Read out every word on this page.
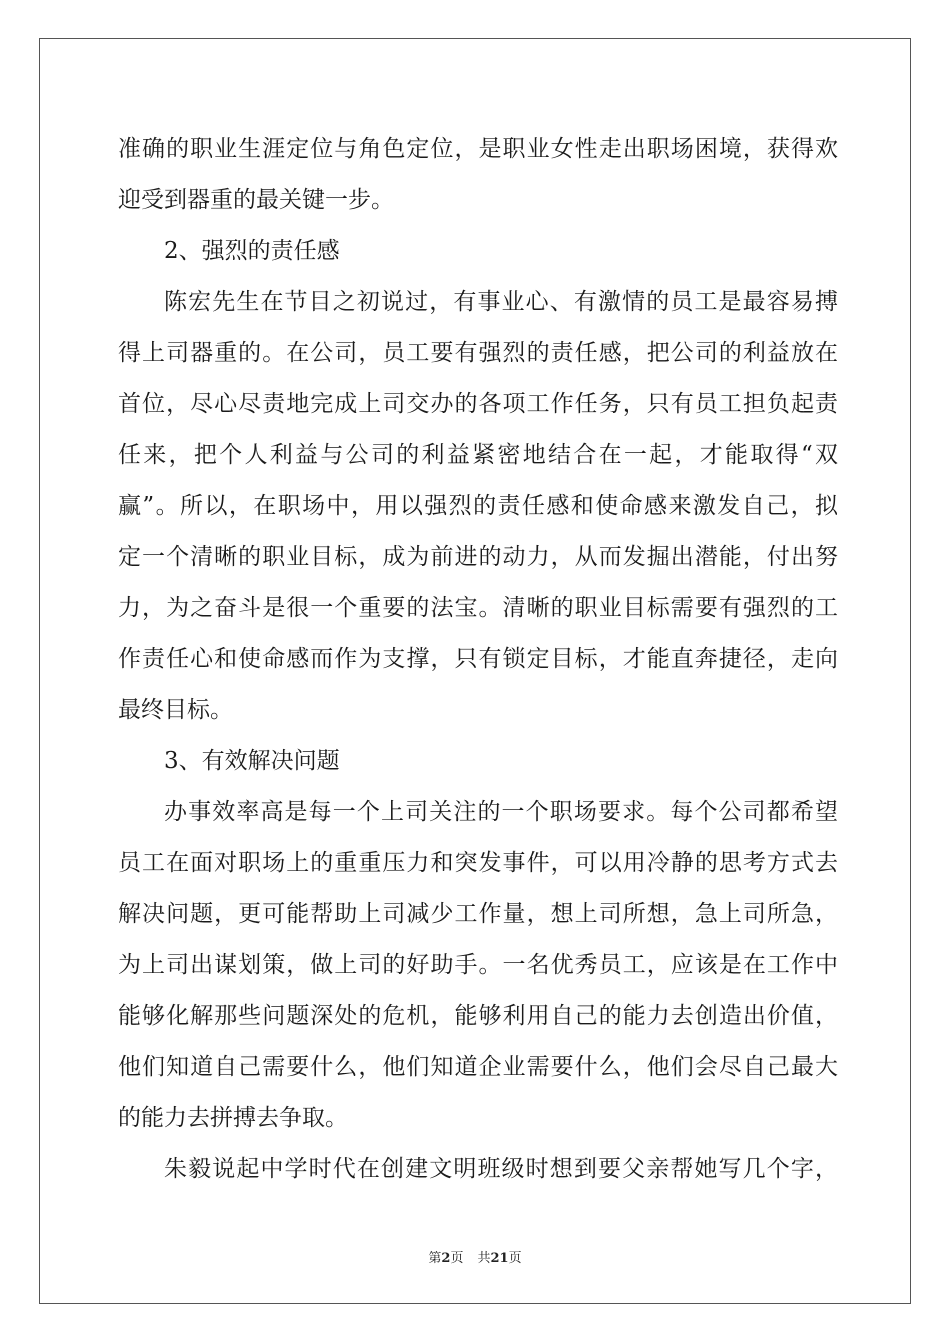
准确的职业生涯定位与角色定位，是职业女性走出职场困境，获得欢
迎受到器重的最关键一步。
2、强烈的责任感
陈宏先生在节目之初说过，有事业心、有激情的员工是最容易搏
得上司器重的。在公司，员工要有强烈的责任感，把公司的利益放在
首位，尽心尽责地完成上司交办的各项工作任务，只有员工担负起责
任来，把个人利益与公司的利益紧密地结合在一起，才能取得“双
赢”。所以，在职场中，用以强烈的责任感和使命感来激发自己，拟
定一个清晰的职业目标，成为前进的动力，从而发掘出潜能，付出努
力，为之奋斗是很一个重要的法宝。清晰的职业目标需要有强烈的工
作责任心和使命感而作为支撑，只有锁定目标，才能直奔捷径，走向
最终目标。
3、有效解决问题
办事效率高是每一个上司关注的一个职场要求。每个公司都希望
员工在面对职场上的重重压力和突发事件，可以用冷静的思考方式去
解决问题，更可能帮助上司减少工作量，想上司所想，急上司所急，
为上司出谋划策，做上司的好助手。一名优秀员工，应该是在工作中
能够化解那些问题深处的危机，能够利用自己的能力去创造出价值，
他们知道自己需要什么，他们知道企业需要什么，他们会尽自己最大
的能力去拼搏去争取。
朱毅说起中学时代在创建文明班级时想到要父亲帮她写几个字，
第2页 共21页
